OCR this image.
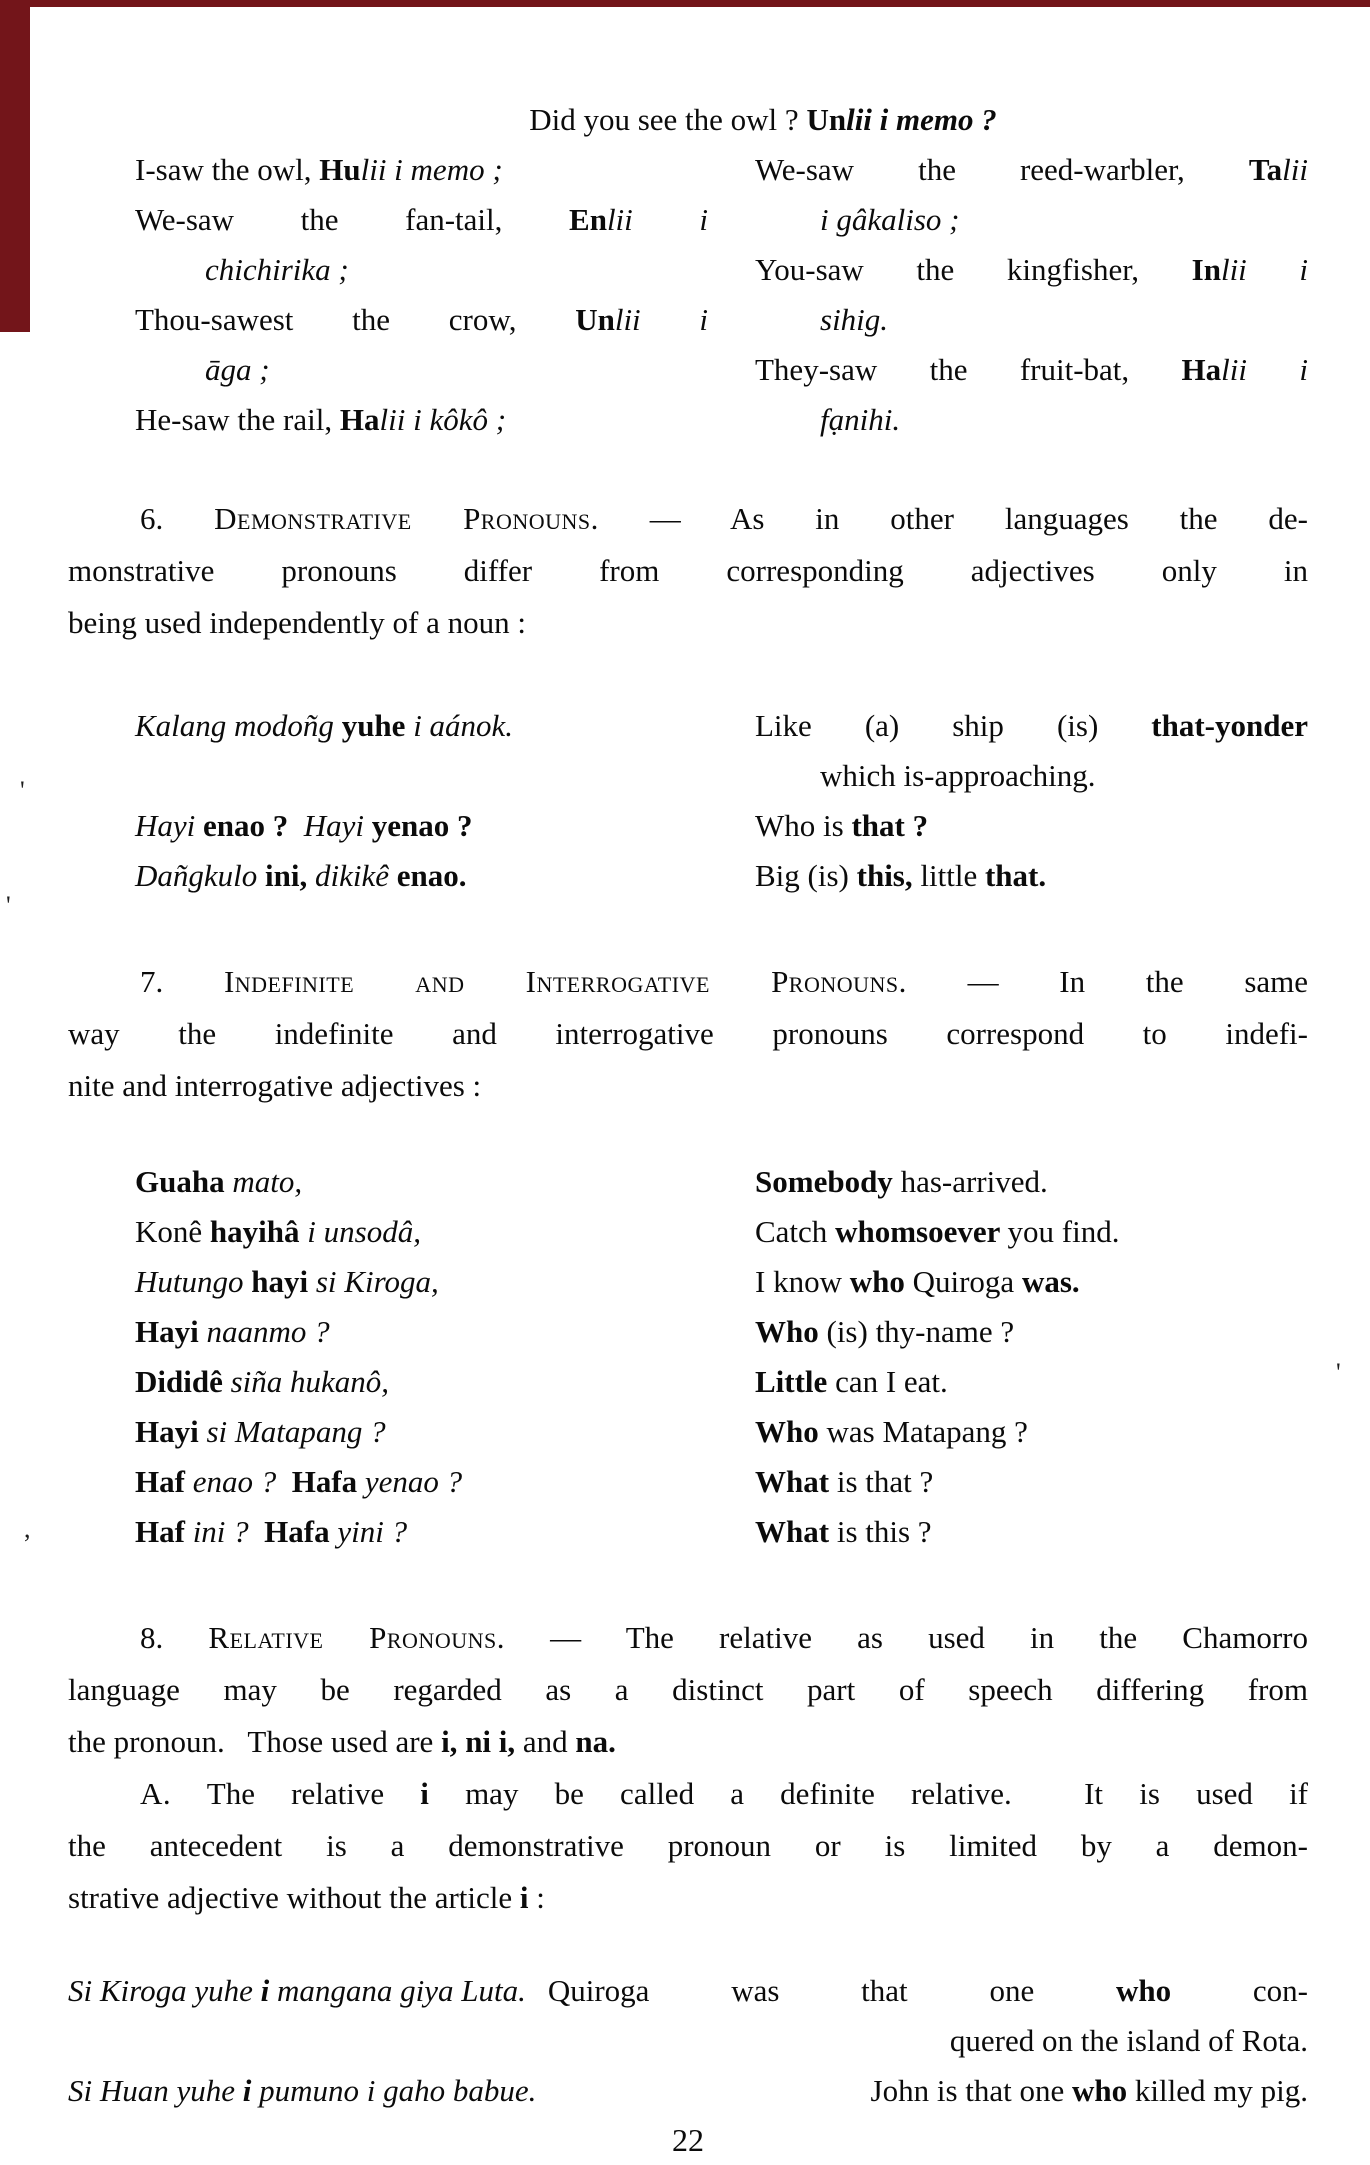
'
'
,
'
Did you see the owl ? Unlii i memo ?
I-saw the owl, Hulii i memo ;
We-saw the fan-tail, Enlii i
chichirika ;
Thou-sawest the crow, Unlii i
āga ;
He-saw the rail, Halii i kôkô ;
We-saw the reed-warbler, Talii
i gâkaliso ;
You-saw the kingfisher, Inlii i
sihig.
They-saw the fruit-bat, Halii i
fạnihi.
6. Demonstrative Pronouns. — As in other languages the de-
monstrative pronouns differ from corresponding adjectives only in
being used independently of a noun :
Kalang modoñg yuhe i aánok.
Hayi enao ? Hayi yenao ?
Dañgkulo ini, dikikê enao.
Like (a) ship (is) that-yonder
which is-approaching.
Who is that ?
Big (is) this, little that.
7. Indefinite and Interrogative Pronouns. — In the same
way the indefinite and interrogative pronouns correspond to indefi-
nite and interrogative adjectives :
Guaha mato,
Konê hayihâ i unsodâ,
Hutungo hayi si Kiroga,
Hayi naanmo ?
Dididê siña hukanô,
Hayi si Matapang ?
Haf enao ? Hafa yenao ?
Haf ini ? Hafa yini ?
Somebody has-arrived.
Catch whomsoever you find.
I know who Quiroga was.
Who (is) thy-name ?
Little can I eat.
Who was Matapang ?
What is that ?
What is this ?
8. Relative Pronouns. — The relative as used in the Chamorro
language may be regarded as a distinct part of speech differing from
the pronoun.   Those used are i, ni i, and na.
A. The relative i may be called a definite relative.  It is used if
the antecedent is a demonstrative pronoun or is limited by a demon-
strative adjective without the article i :
Si Kiroga yuhe i mangana giya Luta. Quiroga was that one who con-
quered on the island of Rota.
Si Huan yuhe i pumuno i gaho babue.	John is that one who killed my pig.
22
